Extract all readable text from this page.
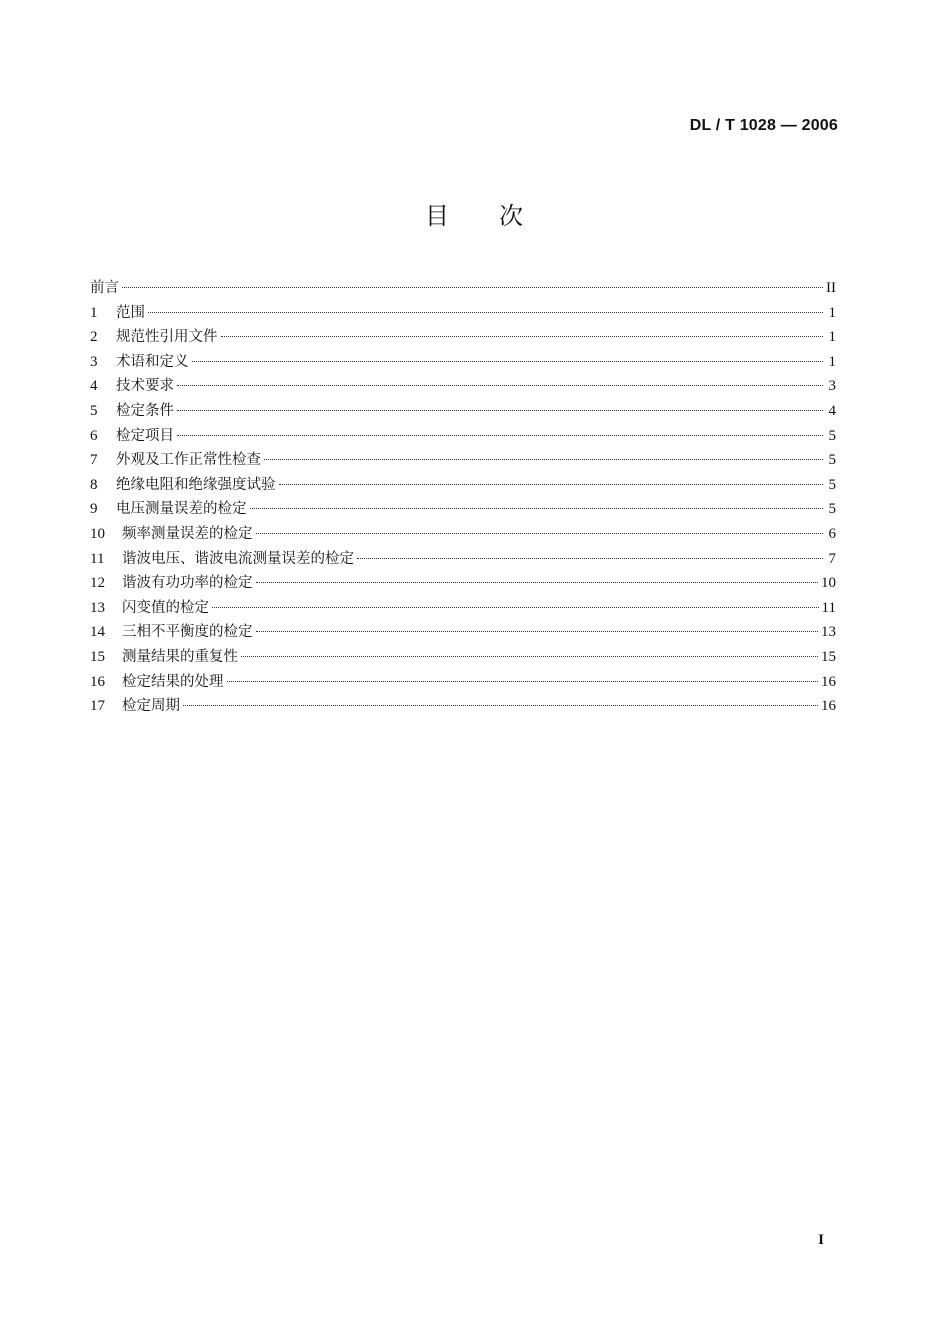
DL / T 1028 — 2006
目 次
前言	II
1	范围	1
2	规范性引用文件	1
3	术语和定义	1
4	技术要求	3
5	检定条件	4
6	检定项目	5
7	外观及工作正常性检查	5
8	绝缘电阻和绝缘强度试验	5
9	电压测量误差的检定	5
10	频率测量误差的检定	6
11	谐波电压、谐波电流测量误差的检定	7
12	谐波有功功率的检定	10
13	闪变值的检定	11
14	三相不平衡度的检定	13
15	测量结果的重复性	15
16	检定结果的处理	16
17	检定周期	16
I
